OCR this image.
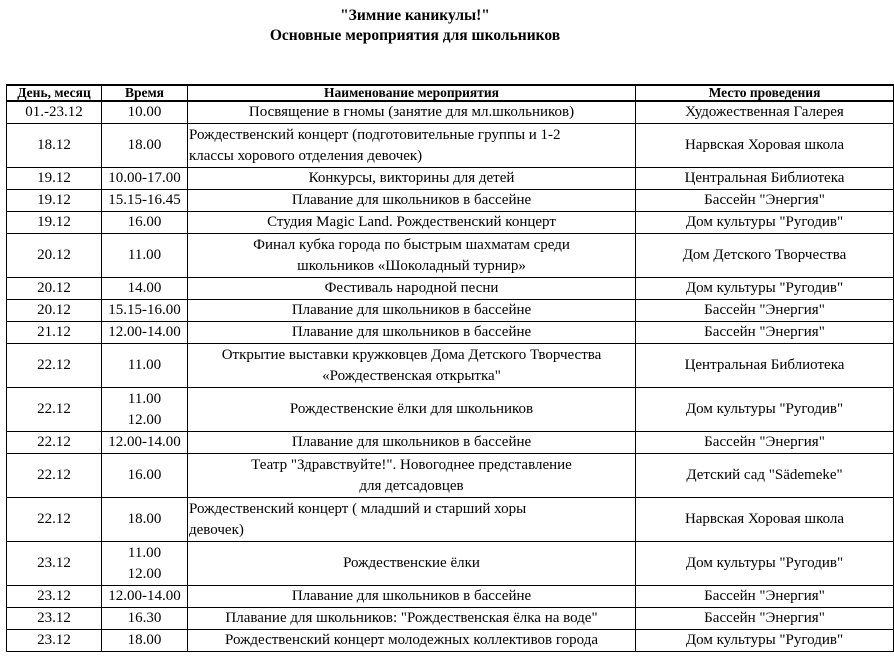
"Зимние каникулы!"
Основные мероприятия для школьников
День, месяц	Время	Наименование мероприятия	Место проведения
01.-23.12	10.00	Посвящение в гномы (занятие для мл.школьников)	Художественная Галерея
18.12	18.00	Рождественский концерт (подготовительные группы и 1-2
классы хорового отделения девочек)	Нарвская Хоровая школа
19.12	10.00-17.00	Конкурсы, викторины для детей	Центральная Библиотека
19.12	15.15-16.45	Плавание для школьников в бассейне	Бассейн "Энергия"
19.12	16.00	Студия Magic Land. Рождественский концерт	Дом культуры "Ругодив"
20.12	11.00	Финал кубка города по быстрым шахматам среди
школьников «Шоколадный турнир»	Дом Детского Творчества
20.12	14.00	Фестиваль народной песни	Дом культуры "Ругодив"
20.12	15.15-16.00	Плавание для школьников в бассейне	Бассейн "Энергия"
21.12	12.00-14.00	Плавание для школьников в бассейне	Бассейн "Энергия"
22.12	11.00	Открытие выставки кружковцев Дома Детского Творчества
«Рождественская открытка"	Центральная Библиотека
22.12	11.00
12.00	Рождественские ёлки для школьников	Дом культуры "Ругодив"
22.12	12.00-14.00	Плавание для школьников в бассейне	Бассейн "Энергия"
22.12	16.00	Театр "Здравствуйте!". Новогоднее представление
для детсадовцев	Детский сад "Sädemeke"
22.12	18.00	Рождественский концерт ( младший и старший хоры
девочек)	Нарвская Хоровая школа
23.12	11.00
12.00	Рождественские ёлки	Дом культуры "Ругодив"
23.12	12.00-14.00	Плавание для школьников в бассейне	Бассейн "Энергия"
23.12	16.30	Плавание для школьников: "Рождественская ёлка на воде"	Бассейн "Энергия"
23.12	18.00	Рождественский концерт молодежных коллективов города	Дом культуры "Ругодив"
